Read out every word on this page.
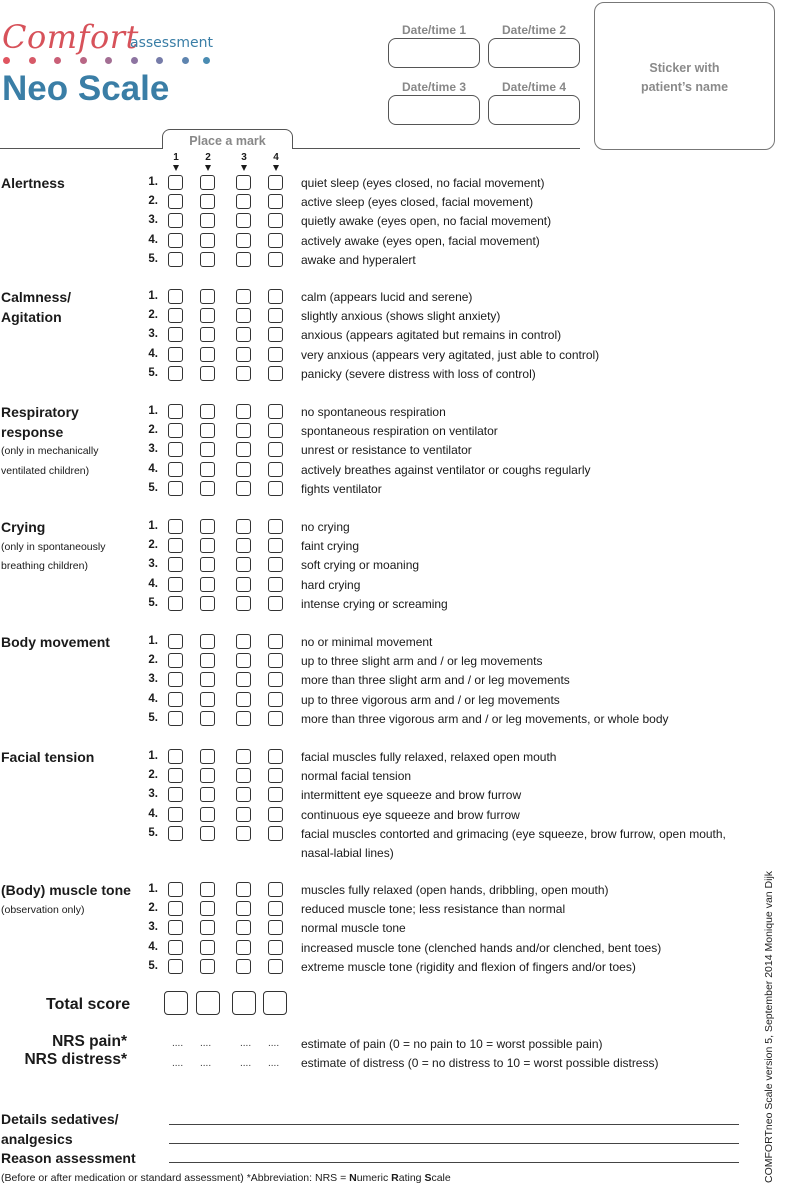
Comfort
assessment
Neo Scale
Date/time 1	Date/time 2
Date/time 3	Date/time 4
Sticker with patient’s name
Place a mark
1	2	3	4
Alertness	1.	quiet sleep (eyes closed, no facial movement)
2.	active sleep (eyes closed, facial movement)
3.	quietly awake (eyes open, no facial movement)
4.	actively awake (eyes open, facial movement)
5.	awake and hyperalert
Calmness/
Agitation
1.	calm (appears lucid and serene)
2.	slightly anxious (shows slight anxiety)
3.	anxious (appears agitated but remains in control)
4.	very anxious (appears very agitated, just able to control)
5.	panicky (severe distress with loss of control)
Respiratory
response
(only in mechanically
ventilated children)
1.	no spontaneous respiration
2.	spontaneous respiration on ventilator
3.	unrest or resistance to ventilator
4.	actively breathes against ventilator or coughs regularly
5.	fights ventilator
Crying
(only in spontaneously
breathing children)
1.	no crying
2.	faint crying
3.	soft crying or moaning
4.	hard crying
5.	intense crying or screaming
Body movement	1.	no or minimal movement
2.	up to three slight arm and / or leg movements
3.	more than three slight arm and / or leg movements
4.	up to three vigorous arm and / or leg movements
5.	more than three vigorous arm and / or leg movements, or whole body
Facial tension	1.	facial muscles fully relaxed, relaxed open mouth
2.	normal facial tension
3.	intermittent eye squeeze and brow furrow
4.	continuous eye squeeze and brow furrow
5.	facial muscles contorted and grimacing (eye squeeze, brow furrow, open mouth,
nasal-labial lines)
(Body) muscle tone
(observation only)
1.	muscles fully relaxed (open hands, dribbling, open mouth)
2.	reduced muscle tone; less resistance than normal
3.	normal muscle tone
4.	increased muscle tone (clenched hands and/or clenched, bent toes)
5.	extreme muscle tone (rigidity and flexion of fingers and/or toes)
Total score
NRS pain*	.... ....	.... .... estimate of pain (0 = no pain to 10 = worst possible pain)
NRS distress*	.... ....	.... .... estimate of distress (0 = no distress to 10 = worst possible distress)
Details sedatives/
analgesics
Reason assessment
(Before or after medication or standard assessment) *Abbreviation: NRS = Numeric Rating Scale	COMFORTneo Scale version 5, September 2014 Monique van Dijk
